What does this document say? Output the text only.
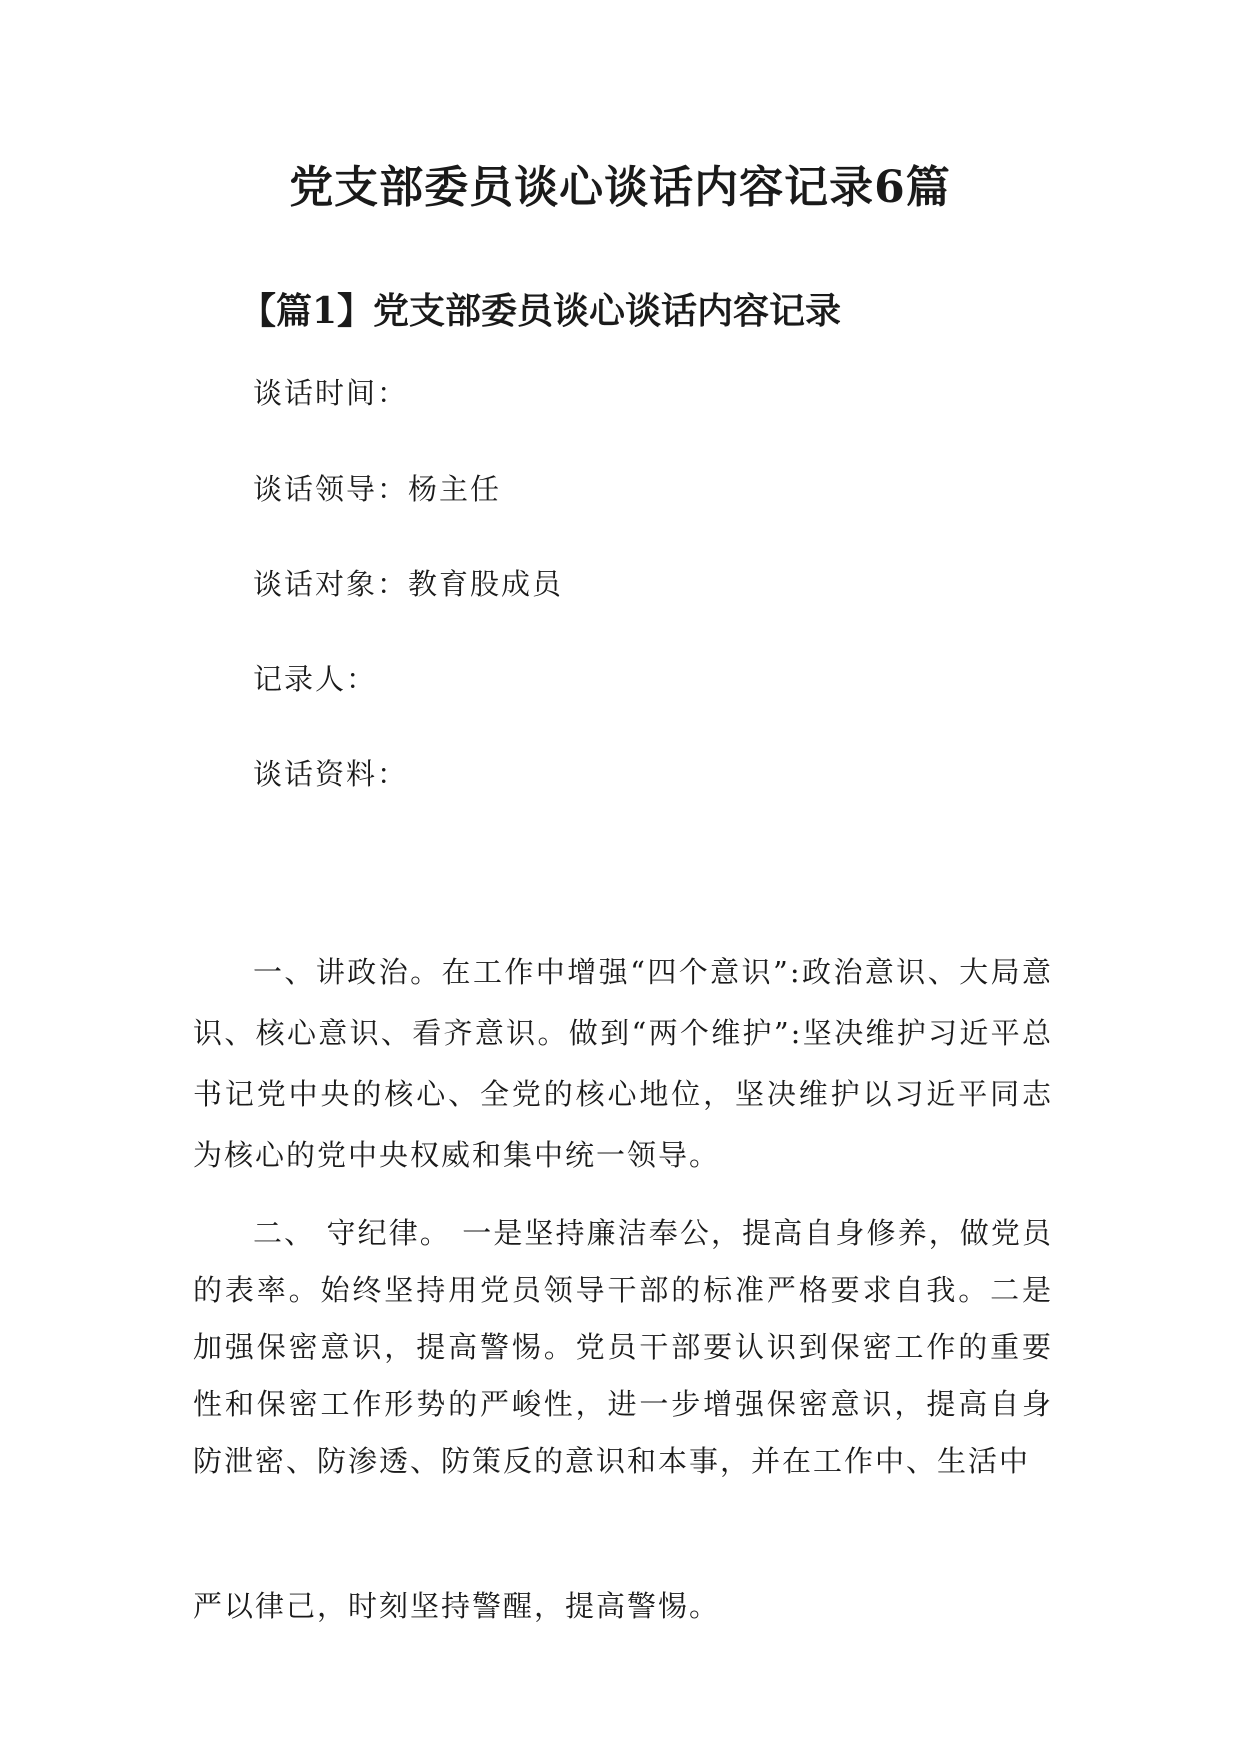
党支部委员谈心谈话内容记录6篇
【篇1】党支部委员谈心谈话内容记录

谈话时间：

谈话领导：杨主任

谈话对象：教育股成员

记录人：

谈话资料：

一、讲政治。在工作中增强“四个意识”:政治意识、大局意识、核心意识、看齐意识。做到“两个维护”:坚决维护习近平总书记党中央的核心、全党的核心地位，坚决维护以习近平同志为核心的党中央权威和集中统一领导。

二、 守纪律。 一是坚持廉洁奉公，提高自身修养，做党员 的表率。始终坚持用党员领导干部的标准严格要求自我。二是 加强保密意识，提高警惕。党员干部要认识到保密工作的重要 性和保密工作形势的严峻性，进一步增强保密意识，提高自身 防泄密、防渗透、防策反的意识和本事，并在工作中、生活中

严以律己，时刻坚持警醒，提高警惕。
